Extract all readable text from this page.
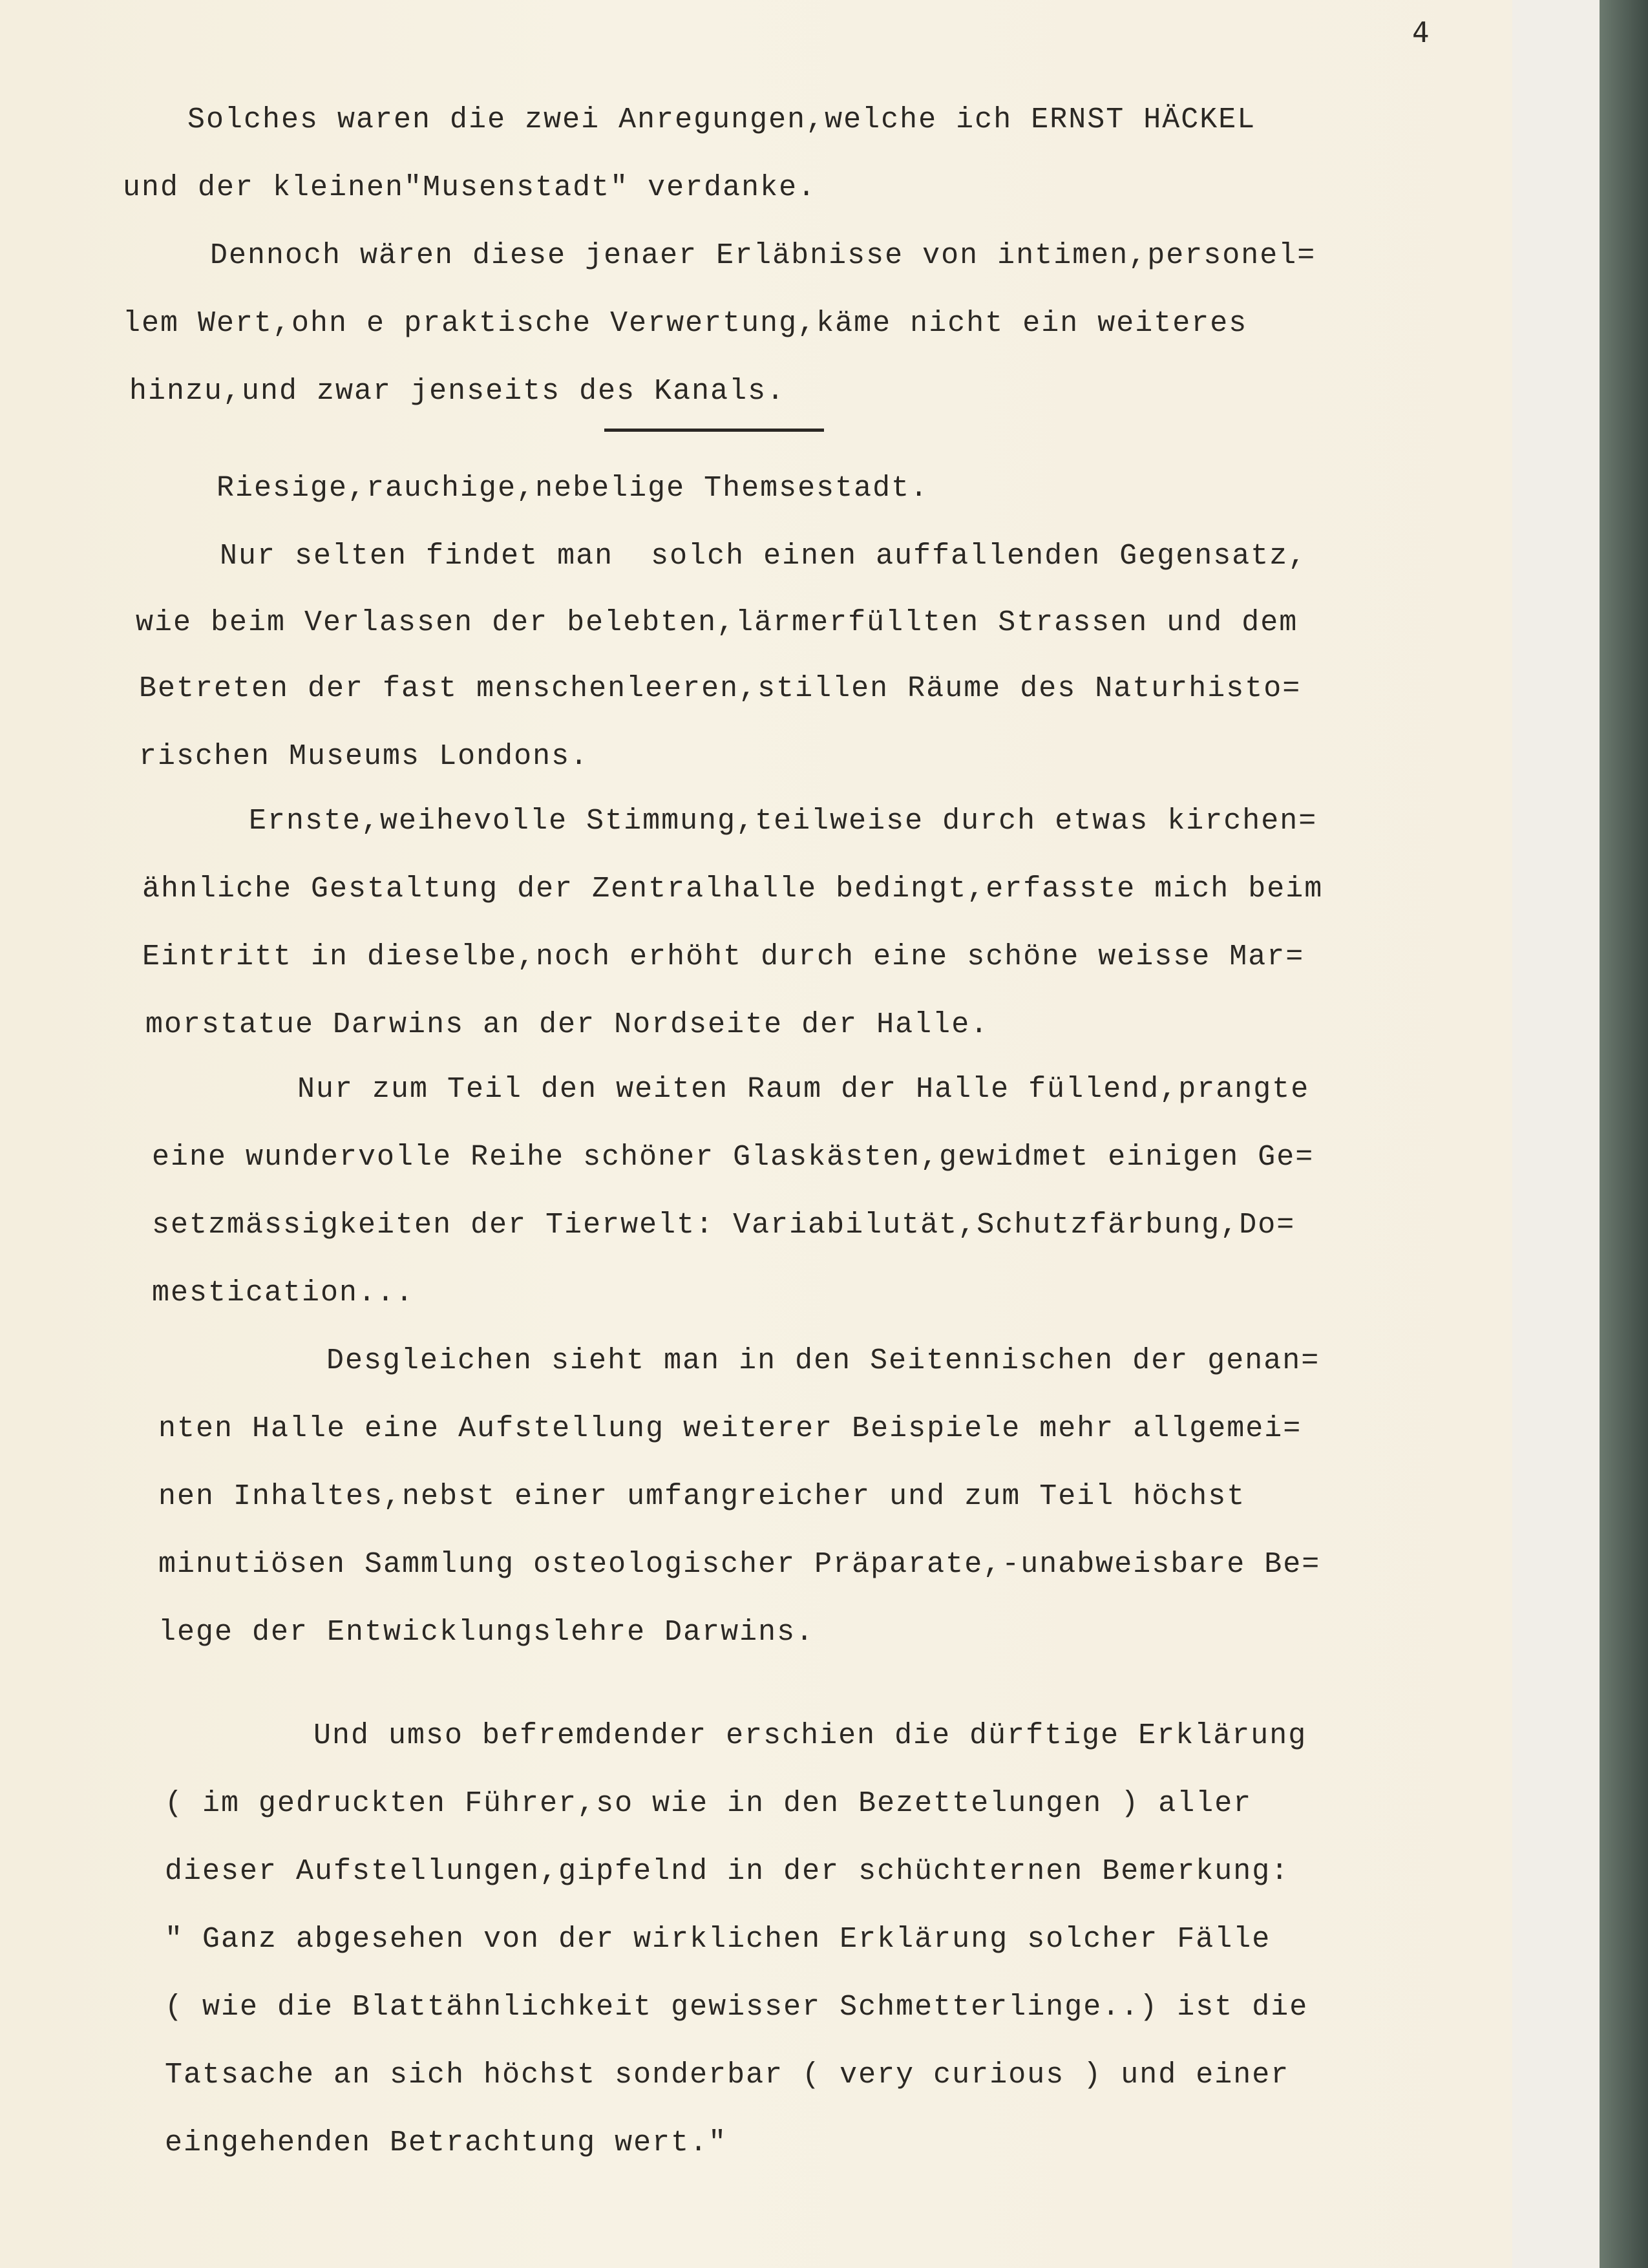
4
Solches waren die zwei Anregungen,welche ich ERNST HÄCKEL
und der kleinen"Musenstadt" verdanke.
Dennoch wären diese jenaer Erläbnisse von intimen,personel=
lem Wert,ohn e praktische Verwertung,käme nicht ein weiteres
hinzu,und zwar jenseits des Kanals.
Riesige,rauchige,nebelige Themsestadt.
Nur selten findet man  solch einen auffallenden Gegensatz,
wie beim Verlassen der belebten,lärmerfüllten Strassen und dem
Betreten der fast menschenleeren,stillen Räume des Naturhisto=
rischen Museums Londons.
Ernste,weihevolle Stimmung,teilweise durch etwas kirchen=
ähnliche Gestaltung der Zentralhalle bedingt,erfasste mich beim
Eintritt in dieselbe,noch erhöht durch eine schöne weisse Mar=
morstatue Darwins an der Nordseite der Halle.
Nur zum Teil den weiten Raum der Halle füllend,prangte
eine wundervolle Reihe schöner Glaskästen,gewidmet einigen Ge=
setzmässigkeiten der Tierwelt: Variabilutät,Schutzfärbung,Do=
mestication...
Desgleichen sieht man in den Seitennischen der genan=
nten Halle eine Aufstellung weiterer Beispiele mehr allgemei=
nen Inhaltes,nebst einer umfangreicher und zum Teil höchst
minutiösen Sammlung osteologischer Präparate,-unabweisbare Be=
lege der Entwicklungslehre Darwins.
Und umso befremdender erschien die dürftige Erklärung
( im gedruckten Führer,so wie in den Bezettelungen ) aller
dieser Aufstellungen,gipfelnd in der schüchternen Bemerkung:
" Ganz abgesehen von der wirklichen Erklärung solcher Fälle
( wie die Blattähnlichkeit gewisser Schmetterlinge..) ist die
Tatsache an sich höchst sonderbar ( very curious ) und einer
eingehenden Betrachtung wert."
